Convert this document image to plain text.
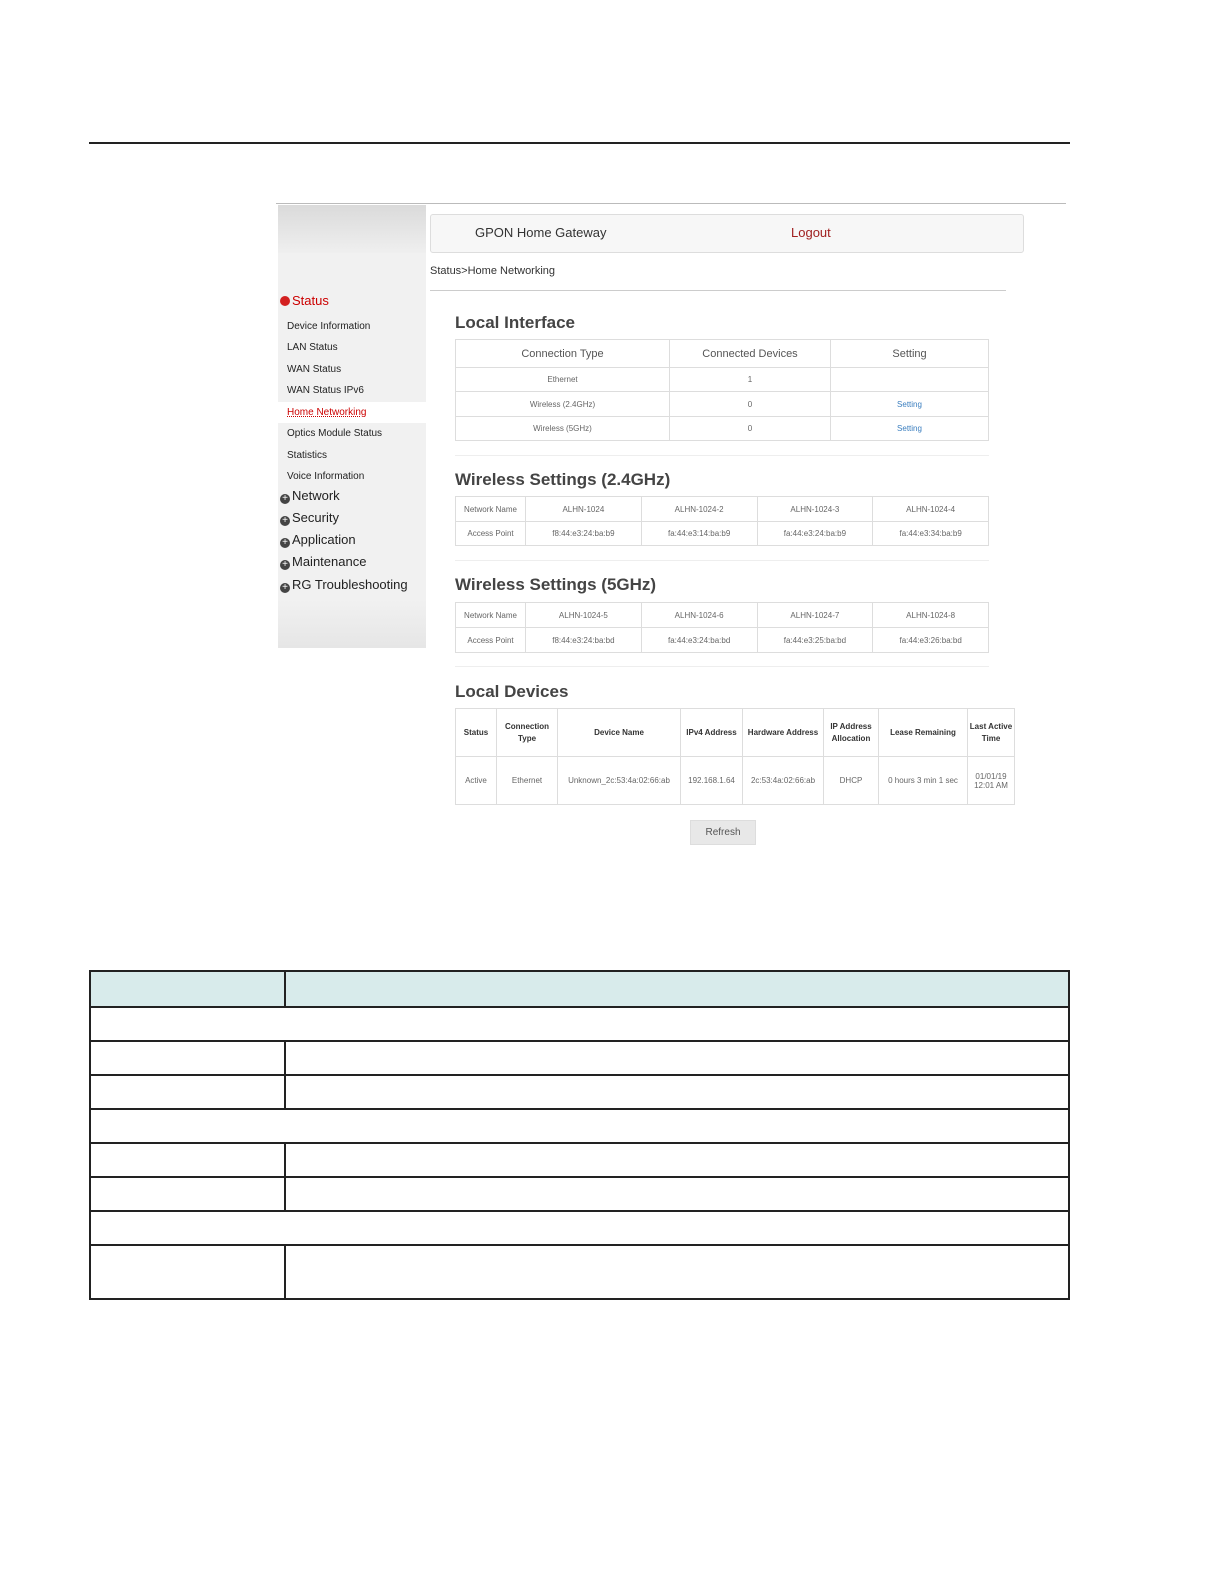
Status
Device Information
LAN Status
WAN Status
WAN Status IPv6
Home Networking
Optics Module Status
Statistics
Voice Information
+ Network
+ Security
+ Application
+ Maintenance
+ RG Troubleshooting
GPON Home Gateway	Logout
Status>Home Networking
Local Interface
Connection Type	Connected Devices	Setting
Ethernet	1	
Wireless (2.4GHz)	0	Setting
Wireless (5GHz)	0	Setting
Wireless Settings (2.4GHz)
Network Name	ALHN-1024	ALHN-1024-2	ALHN-1024-3	ALHN-1024-4
Access Point	f8:44:e3:24:ba:b9	fa:44:e3:14:ba:b9	fa:44:e3:24:ba:b9	fa:44:e3:34:ba:b9
Wireless Settings (5GHz)
Network Name	ALHN-1024-5	ALHN-1024-6	ALHN-1024-7	ALHN-1024-8
Access Point	f8:44:e3:24:ba:bd	fa:44:e3:24:ba:bd	fa:44:e3:25:ba:bd	fa:44:e3:26:ba:bd
Local Devices
Status	Connection Type	Device Name	IPv4 Address	Hardware Address	IP Address Allocation	Lease Remaining	Last Active Time
Active	Ethernet	Unknown_2c:53:4a:02:66:ab	192.168.1.64	2c:53:4a:02:66:ab	DHCP	0 hours 3 min 1 sec	01/01/19 12:01 AM
Refresh
